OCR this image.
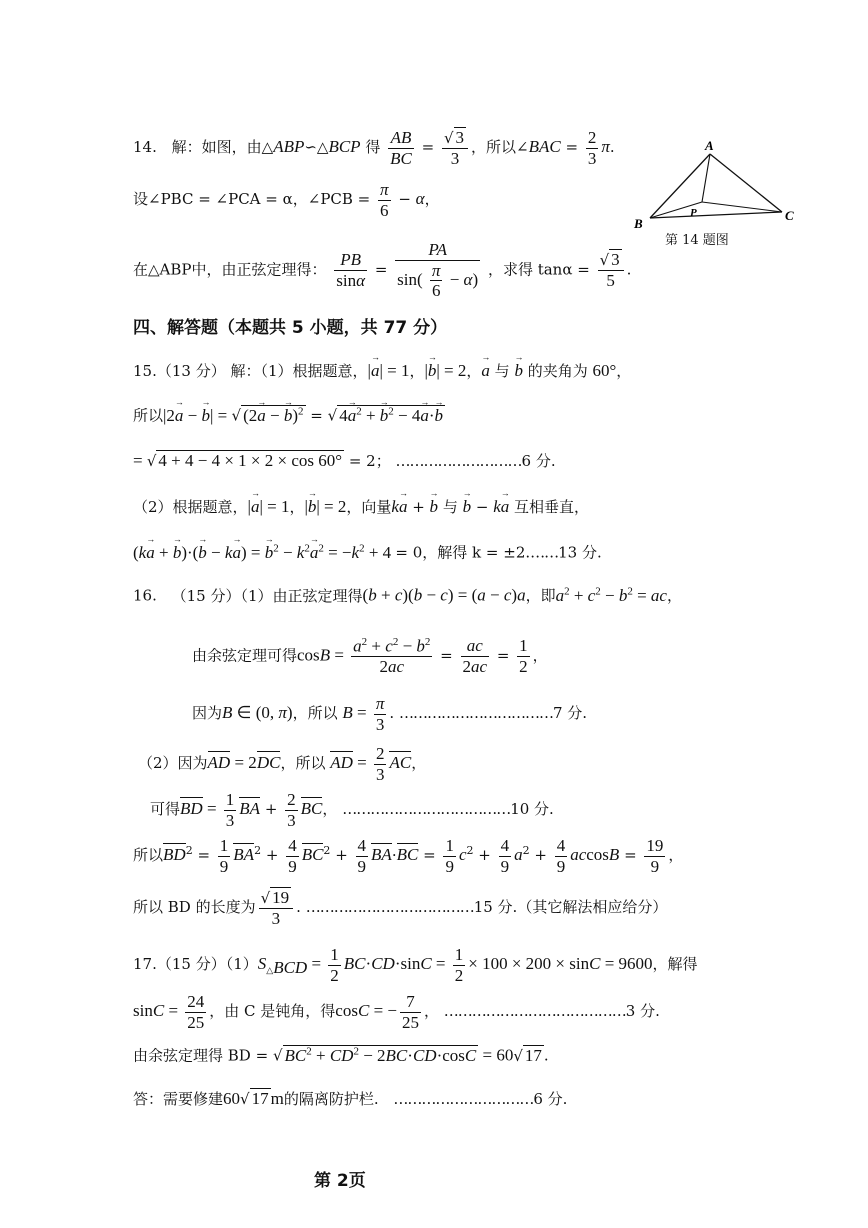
14. 解：如图，由△ABP∽△BCP 得 $\frac{AB}{BC} = \frac{√ 3}{3}$ ，所以∠BAC = $\frac{2}{3} \pi$.
设∠PBC = ∠PCA = α，∠PCB = $\frac{\pi}{6} - \alpha$，
在△ABP中，由正弦定理得： $\frac{PB}{\sin\alpha} = \frac{PA}{\sin( \frac{\pi}{6} - \alpha)}$ ，求得 $\tan\alpha = \frac{√ 3}{5}$ .
A
B
C
P
第 14 题图
四、解答题（本题共 5 小题，共 77 分）
15.（13 分） 解：（1）根据题意，|→ a| = 1，|→ b| = 2，→ a 与 → b 的夹角为 60°，
所以|2→ a − → b| = √ (2→ a − → b)$^2$ = √ $4\to a^2$ + → $b^2 - 4\to a\cdot\to b$
= √ 4 + 4 − 4 × 1 × 2 × cos 60° = 2； ………………………6 分.
（2）根据题意，|→ a| = 1，|→ b| = 2，向量k→ a + → b 与 → b − k→ a 互相垂直，
(k→ a + → b)·(→ b − k→ a) = → $b^2 - k^2\to a^2 = -k^2 + 4 = 0$，解得 k = ±2.……13 分.
16. （15 分）（1）由正弦定理得(b + c)(b − c) = (a − c)a，即$a^2 + c^2 - b^2$ = ac，
由余弦定理可得$\cos B = \frac{a^2 + c^2 - b^2}{2ac} = \frac{ac}{2ac} = \frac{1}{2}$ ，
因为B ∈ (0, π)，所以 $B = \frac{\pi}{3}$ . ……………………………7 分.
（2）因为AD = 2DC，所以 AD = $\frac{2}{3}$ AC，
可得BD = $\frac{1}{3}$ BA + $\frac{2}{3}$ BC， ………………………………10 分.
所以$BD^2 = \frac{1}{9} BA^2 + \frac{4}{9} BC^2 + \frac{4}{9} BA\cdot BC = \frac{1}{9} c^2 + \frac{4}{9} a^2 + \frac{4}{9}$ $accosB = \frac{19}{9}$ ，
所以 BD 的长度为 $\frac{√ 19}{3}$ . ………………………………15 分.（其它解法相应给分）
17.（15 分）$(1)S_{\triangle BCD} = \frac{1}{2} BC\cdot CD\cdot\sin C = \frac{1}{2} \times 100 \times 200 \times \sin C = 9600$，解得
$\sin C = \frac{24}{25}$ ，由 C 是钝角，得cosC = − $\frac{7}{25}$ ， …………………………………3 分.
由余弦定理得 BD = √ $BC^2 + CD^2 - 2BC\cdot CD\cdot\cos C = 60√$ 17 .
答：需要修建60√ 17 m的隔离防护栏. …………………………6 分.
第 2页
